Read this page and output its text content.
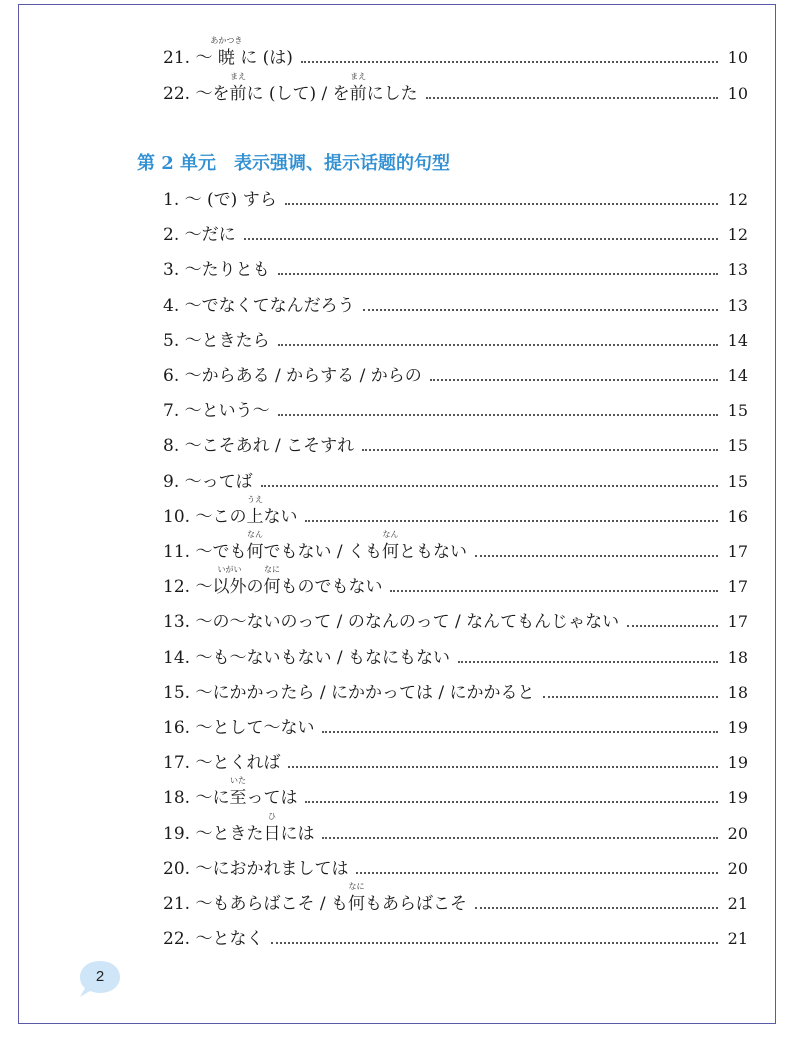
21. ～
あかつき
暁 に (は)	10
22. ～を
まえ
前に (して) / を
まえ
前にした	10
第 2 单元　表示强调、提示话题的句型
1. ～ (で) すら	12
2. ～だに	12
3. ～たりとも	13
4. ～でなくてなんだろう	13
5. ～ときたら	14
6. ～からある / からする / からの	14
7. ～という～	15
8. ～こそあれ / こそすれ	15
9. ～ってば	15
10. ～この
うえ
上ない	16
11. ～でも
なん
何でもない / くも
なん
何ともない	17
12. ～
いがい
以外の
なに
何ものでもない	17
13. ～の～ないのって / のなんのって / なんてもんじゃない	17
14. ～も～ないもない / もなにもない	18
15. ～にかかったら / にかかっては / にかかると	18
16. ～として～ない	19
17. ～とくれば	19
18. ～に
いた
至っては	19
19. ～ときた
ひ
日には	20
20. ～におかれましては	20
21. ～もあらばこそ / も
なに
何もあらばこそ	21
22. ～となく	21
2
